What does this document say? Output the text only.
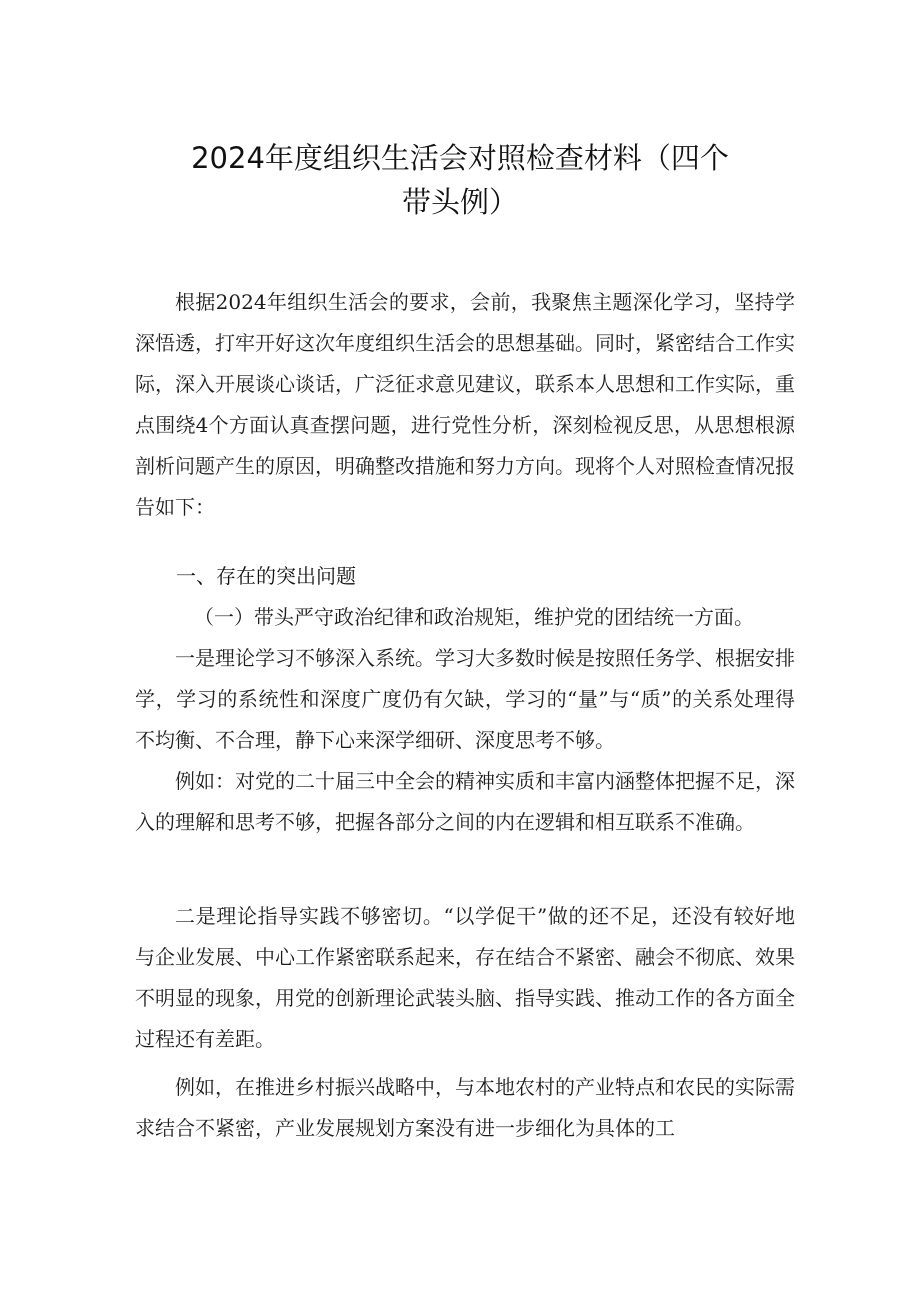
2024年度组织生活会对照检查材料（四个
带头例）

根据2024年组织生活会的要求，会前，我聚焦主题深化学习，坚持学深悟透，打牢开好这次年度组织生活会的思想基础。同时，紧密结合工作实际，深入开展谈心谈话，广泛征求意见建议，联系本人思想和工作实际，重点围绕4个方面认真查摆问题，进行党性分析，深刻检视反思，从思想根源剖析问题产生的原因，明确整改措施和努力方向。现将个人对照检查情况报告如下：

一、存在的突出问题
（一）带头严守政治纪律和政治规矩，维护党的团结统一方面。

一是理论学习不够深入系统。学习大多数时候是按照任务学、根据安排学，学习的系统性和深度广度仍有欠缺，学习的“量”与“质”的关系处理得不均衡、不合理，静下心来深学细研、深度思考不够。

例如：对党的二十届三中全会的精神实质和丰富内涵整体把握不足，深入的理解和思考不够，把握各部分之间的内在逻辑和相互联系不准确。

二是理论指导实践不够密切。“以学促干”做的还不足，还没有较好地与企业发展、中心工作紧密联系起来，存在结合不紧密、融会不彻底、效果不明显的现象，用党的创新理论武装头脑、指导实践、推动工作的各方面全过程还有差距。

例如，在推进乡村振兴战略中，与本地农村的产业特点和农民的实际需求结合不紧密，产业发展规划方案没有进一步细化为具体的工
